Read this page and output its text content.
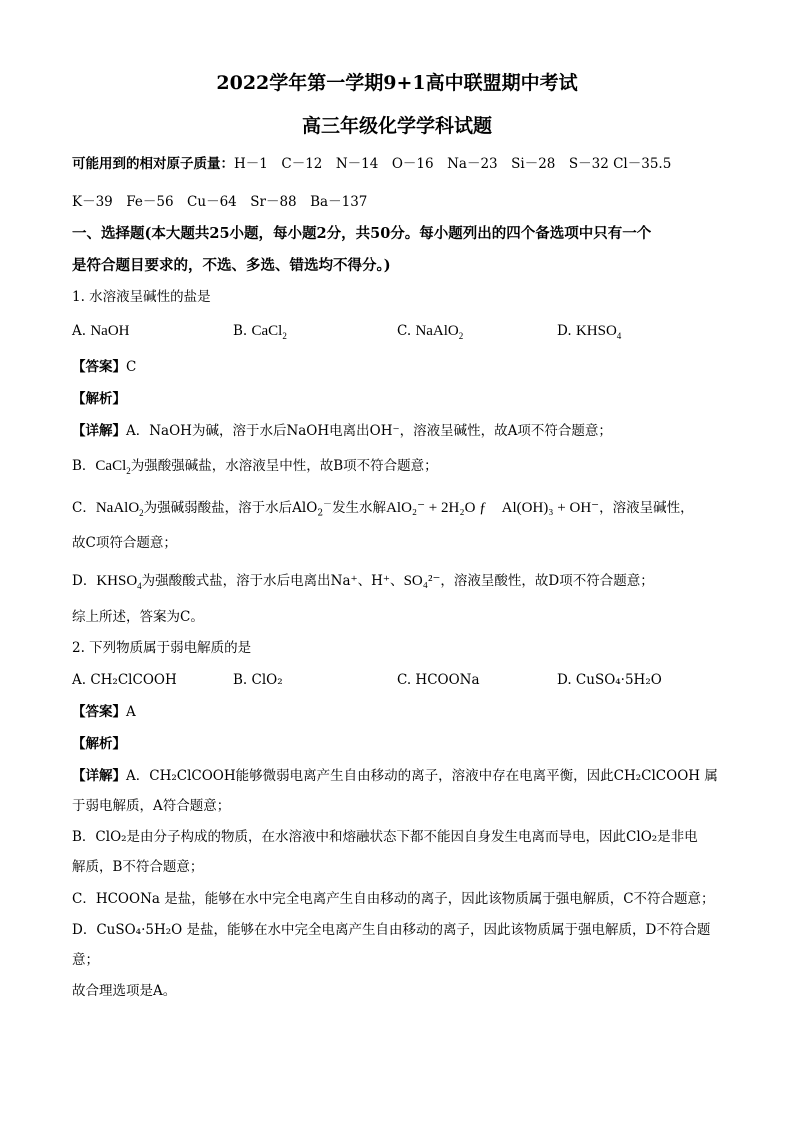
2022学年第一学期9+1高中联盟期中考试
高三年级化学学科试题
可能用到的相对原子质量：H－1　C－12　N－14　O－16　Na－23　Si－28　S－32 Cl－35.5
K－39　Fe－56　Cu－64　Sr－88　Ba－137
一、选择题(本大题共25小题，每小题2分，共50分。每小题列出的四个备选项中只有一个
是符合题目要求的，不选、多选、错选均不得分。)
1. 水溶液呈碱性的盐是
A. NaOH	B. CaCl$_2$	C. NaAlO$_2$	D. $KHSO_4$
【答案】C
【解析】
【详解】A．NaOH为碱，溶于水后NaOH电离出OH⁻，溶液呈碱性，故A项不符合题意；
B．CaCl$_2$为强酸强碱盐，水溶液呈中性，故B项不符合题意；
C．NaAlO$_2$为强碱弱酸盐，溶于水后AlO$_2$－发生水解AlO₂⁻ + 2H₂O ƒ　Al(OH)₃ + OH⁻，溶液呈碱性，
故C项符合题意；
D．$KHSO_4$为强酸酸式盐，溶于水后电离出Na⁺、H⁺、SO₄²⁻，溶液呈酸性，故D项不符合题意；
综上所述，答案为C。
2. 下列物质属于弱电解质的是
A. CH₂ClCOOH	B. ClO₂	C. HCOONa	D. CuSO₄·5H₂O
【答案】A
【解析】
【详解】A．CH₂ClCOOH能够微弱电离产生自由移动的离子，溶液中存在电离平衡，因此CH₂ClCOOH 属
于弱电解质，A符合题意；
B．ClO₂是由分子构成的物质，在水溶液中和熔融状态下都不能因自身发生电离而导电，因此ClO₂是非电
解质，B不符合题意；
C．HCOONa 是盐，能够在水中完全电离产生自由移动的离子，因此该物质属于强电解质，C不符合题意；
D．CuSO₄·5H₂O 是盐，能够在水中完全电离产生自由移动的离子，因此该物质属于强电解质，D不符合题
意；
故合理选项是A。
